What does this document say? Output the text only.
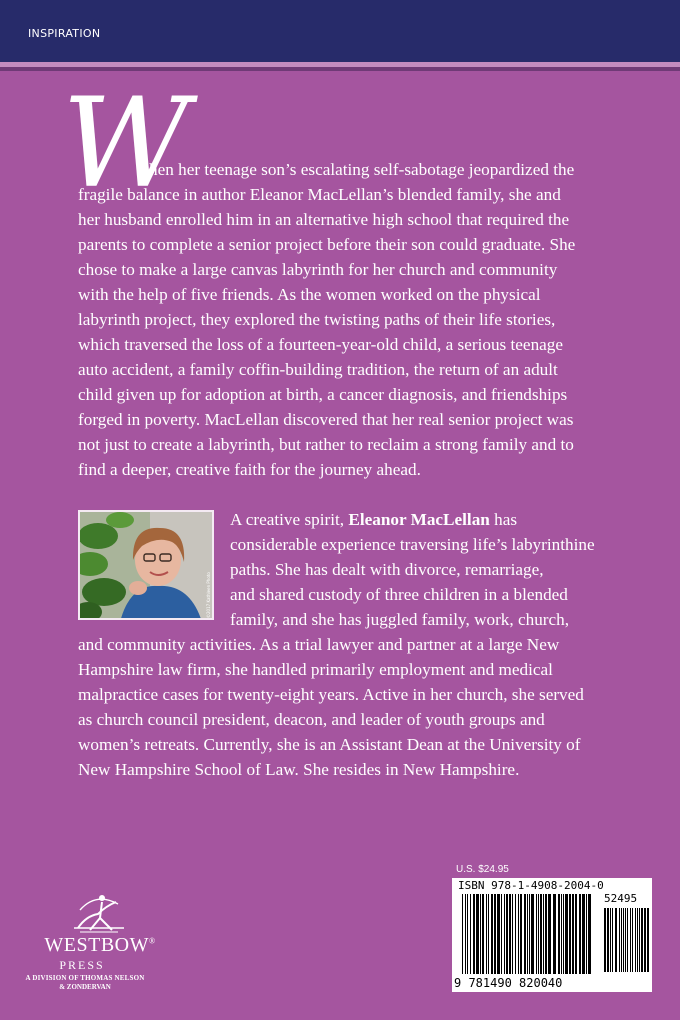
INSPIRATION
W
hen her teenage son’s escalating self-sabotage jeopardized the
fragile balance in author Eleanor MacLellan’s blended family, she and
her husband enrolled him in an alternative high school that required the
parents to complete a senior project before their son could graduate. She
chose to make a large canvas labyrinth for her church and community
with the help of five friends. As the women worked on the physical
labyrinth project, they explored the twisting paths of their life stories,
which traversed the loss of a fourteen-year-old child, a serious teenage
auto accident, a family coffin-building tradition, the return of an adult
child given up for adoption at birth, a cancer diagnosis, and friendships
forged in poverty. MacLellan discovered that her real senior project was
not just to create a labyrinth, but rather to reclaim a strong family and to
find a deeper, creative faith for the journey ahead.
©2017 Kathleen Photo
A creative spirit, Eleanor MacLellan has
considerable experience traversing life’s labyrinthine
paths. She has dealt with divorce, remarriage,
and shared custody of three children in a blended
family, and she has juggled family, work, church,
and community activities. As a trial lawyer and partner at a large New
Hampshire law firm, she handled primarily employment and medical
malpractice cases for twenty-eight years. Active in her church, she served
as church council president, deacon, and leader of youth groups and
women’s retreats. Currently, she is an Assistant Dean at the University of
New Hampshire School of Law. She resides in New Hampshire.
U.S. $24.95
ISBN 978-1-4908-2004-0
52495
9 781490 820040
WESTBOW®
PRESS
A DIVISION OF THOMAS NELSON
& ZONDERVAN
